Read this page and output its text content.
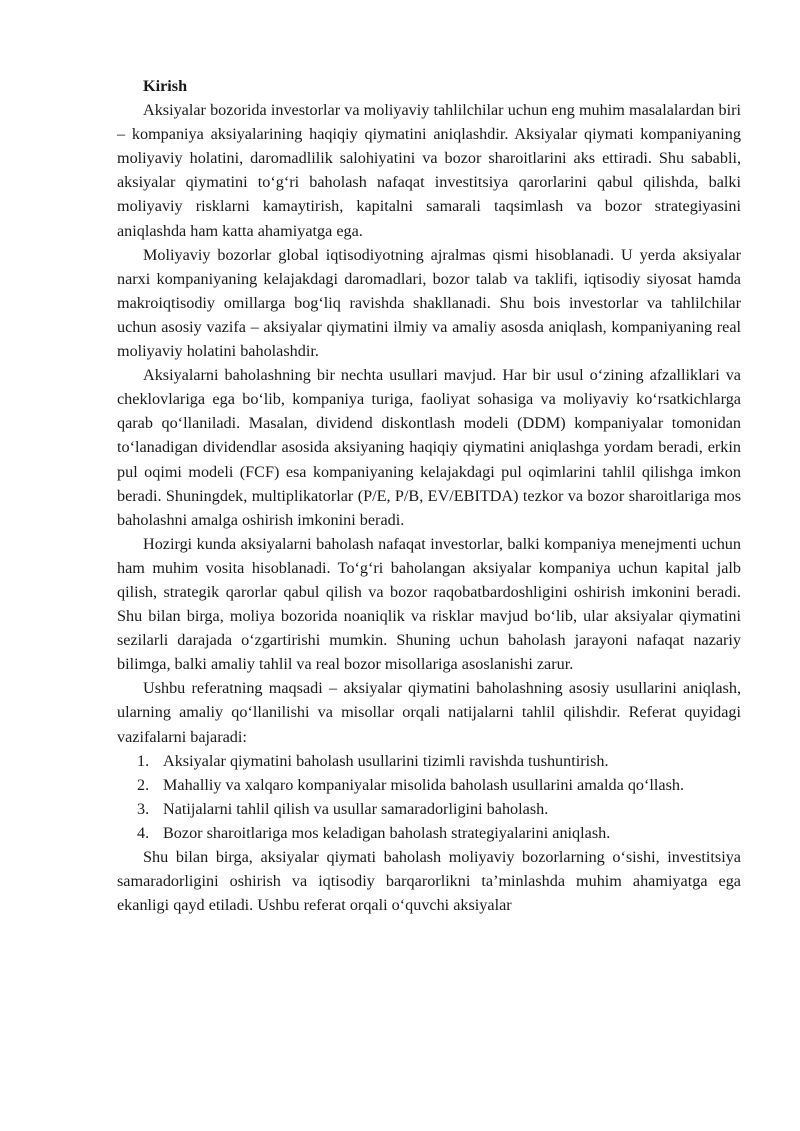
Kirish

Aksiyalar bozorida investorlar va moliyaviy tahlilchilar uchun eng muhim masalalardan biri – kompaniya aksiyalarining haqiqiy qiymatini aniqlashdir. Aksiyalar qiymati kompaniyaning moliyaviy holatini, daromadlilik salohiyatini va bozor sharoitlarini aks ettiradi. Shu sababli, aksiyalar qiymatini to‘g‘ri baholash nafaqat investitsiya qarorlarini qabul qilishda, balki moliyaviy risklarni kamaytirish, kapitalni samarali taqsimlash va bozor strategiyasini aniqlashda ham katta ahamiyatga ega.

Moliyaviy bozorlar global iqtisodiyotning ajralmas qismi hisoblanadi. U yerda aksiyalar narxi kompaniyaning kelajakdagi daromadlari, bozor talab va taklifi, iqtisodiy siyosat hamda makroiqtisodiy omillarga bog‘liq ravishda shakllanadi. Shu bois investorlar va tahlilchilar uchun asosiy vazifa – aksiyalar qiymatini ilmiy va amaliy asosda aniqlash, kompaniyaning real moliyaviy holatini baholashdir.

Aksiyalarni baholashning bir nechta usullari mavjud. Har bir usul o‘zining afzalliklari va cheklovlariga ega bo‘lib, kompaniya turiga, faoliyat sohasiga va moliyaviy ko‘rsatkichlarga qarab qo‘llaniladi. Masalan, dividend diskontlash modeli (DDM) kompaniyalar tomonidan to‘lanadigan dividendlar asosida aksiyaning haqiqiy qiymatini aniqlashga yordam beradi, erkin pul oqimi modeli (FCF) esa kompaniyaning kelajakdagi pul oqimlarini tahlil qilishga imkon beradi. Shuningdek, multiplikatorlar (P/E, P/B, EV/EBITDA) tezkor va bozor sharoitlariga mos baholashni amalga oshirish imkonini beradi.

Hozirgi kunda aksiyalarni baholash nafaqat investorlar, balki kompaniya menejmenti uchun ham muhim vosita hisoblanadi. To‘g‘ri baholangan aksiyalar kompaniya uchun kapital jalb qilish, strategik qarorlar qabul qilish va bozor raqobatbardoshligini oshirish imkonini beradi. Shu bilan birga, moliya bozorida noaniqlik va risklar mavjud bo‘lib, ular aksiyalar qiymatini sezilarli darajada o‘zgartirishi mumkin. Shuning uchun baholash jarayoni nafaqat nazariy bilimga, balki amaliy tahlil va real bozor misollariga asoslanishi zarur.

Ushbu referatning maqsadi – aksiyalar qiymatini baholashning asosiy usullarini aniqlash, ularning amaliy qo‘llanilishi va misollar orqali natijalarni tahlil qilishdir. Referat quyidagi vazifalarni bajaradi:

1. Aksiyalar qiymatini baholash usullarini tizimli ravishda tushuntirish.
2. Mahalliy va xalqaro kompaniyalar misolida baholash usullarini amalda qo‘llash.
3. Natijalarni tahlil qilish va usullar samaradorligini baholash.
4. Bozor sharoitlariga mos keladigan baholash strategiyalarini aniqlash.

Shu bilan birga, aksiyalar qiymati baholash moliyaviy bozorlarning o‘sishi, investitsiya samaradorligini oshirish va iqtisodiy barqarorlikni ta’minlashda muhim ahamiyatga ega ekanligi qayd etiladi. Ushbu referat orqali o‘quvchi aksiyalar
